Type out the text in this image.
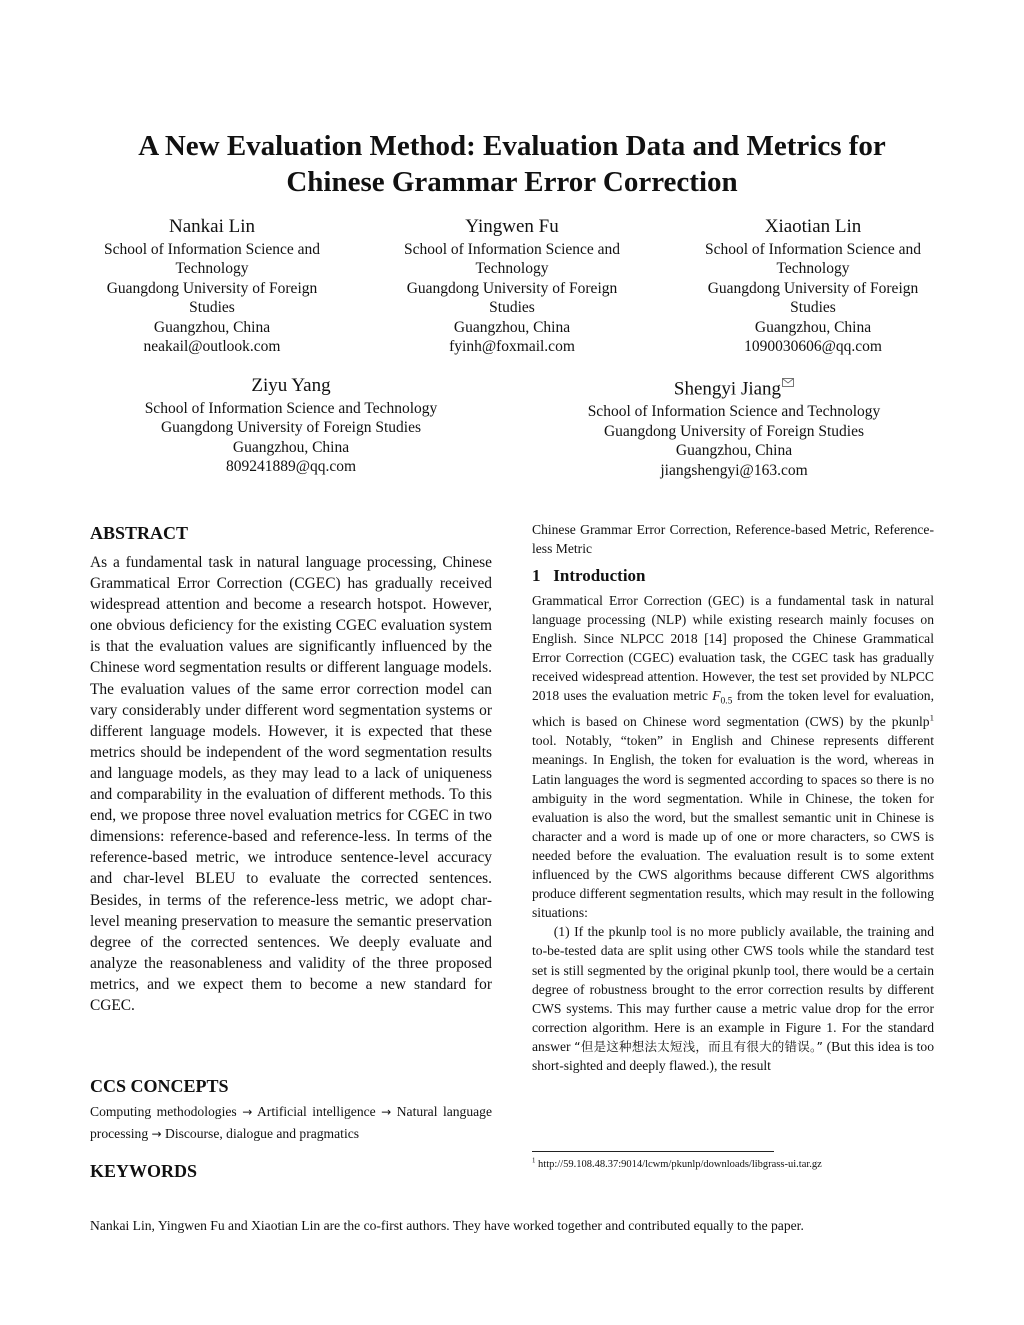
A New Evaluation Method: Evaluation Data and Metrics for
Chinese Grammar Error Correction
Nankai Lin
School of Information Science and
Technology
Guangdong University of Foreign
Studies
Guangzhou, China
neakail@outlook.com
Yingwen Fu
School of Information Science and
Technology
Guangdong University of Foreign
Studies
Guangzhou, China
fyinh@foxmail.com
Xiaotian Lin
School of Information Science and
Technology
Guangdong University of Foreign
Studies
Guangzhou, China
1090030606@qq.com
Ziyu Yang
School of Information Science and Technology
Guangdong University of Foreign Studies
Guangzhou, China
809241889@qq.com
Shengyi Jiang
School of Information Science and Technology
Guangdong University of Foreign Studies
Guangzhou, China
jiangshengyi@163.com
ABSTRACT

As a fundamental task in natural language processing, Chinese Grammatical Error Correction (CGEC) has gradually received widespread attention and become a research hotspot. However, one obvious deficiency for the existing CGEC evaluation system is that the evaluation values are significantly influenced by the Chinese word segmentation results or different language models. The evaluation values of the same error correction model can vary considerably under different word segmentation systems or different language models. However, it is expected that these metrics should be independent of the word segmentation results and language models, as they may lead to a lack of uniqueness and comparability in the evaluation of different methods. To this end, we propose three novel evaluation metrics for CGEC in two dimensions: reference-based and reference-less. In terms of the reference-based metric, we introduce sentence-level accuracy and char-level BLEU to evaluate the corrected sentences. Besides, in terms of the reference-less metric, we adopt char-level meaning preservation to measure the semantic preservation degree of the corrected sentences. We deeply evaluate and analyze the reasonableness and validity of the three proposed metrics, and we expect them to become a new standard for CGEC.

CCS CONCEPTS

Computing methodologies → Artificial intelligence → Natural language processing → Discourse, dialogue and pragmatics

KEYWORDS

Chinese Grammar Error Correction, Reference-based Metric, Reference-less Metric

1   Introduction

Grammatical Error Correction (GEC) is a fundamental task in natural language processing (NLP) while existing research mainly focuses on English. Since NLPCC 2018 [14] proposed the Chinese Grammatical Error Correction (CGEC) evaluation task, the CGEC task has gradually received widespread attention. However, the test set provided by NLPCC 2018 uses the evaluation metric $F_{0.5}$ from the token level for evaluation, which is based on Chinese word segmentation (CWS) by the pkunlp$^1$ tool. Notably, “token” in English and Chinese represents different meanings. In English, the token for evaluation is the word, whereas in Latin languages the word is segmented according to spaces so there is no ambiguity in the word segmentation. While in Chinese, the token for evaluation is also the word, but the smallest semantic unit in Chinese is character and a word is made up of one or more characters, so CWS is needed before the evaluation. The evaluation result is to some extent influenced by the CWS algorithms because different CWS algorithms produce different segmentation results, which may result in the following situations:

(1) If the pkunlp tool is no more publicly available, the training and to-be-tested data are split using other CWS tools while the standard test set is still segmented by the original pkunlp tool, there would be a certain degree of robustness brought to the error correction results by different CWS systems. This may further cause a metric value drop for the error correction algorithm. Here is an example in Figure 1. For the standard answer “但是这种想法太短浅，而且有很大的错误。” (But this idea is too short-sighted and deeply flawed.), the result

$^1$ http://59.108.48.37:9014/lcwm/pkunlp/downloads/libgrass-ui.tar.gz
Nankai Lin, Yingwen Fu and Xiaotian Lin are the co-first authors. They have worked together and contributed equally to the paper.
